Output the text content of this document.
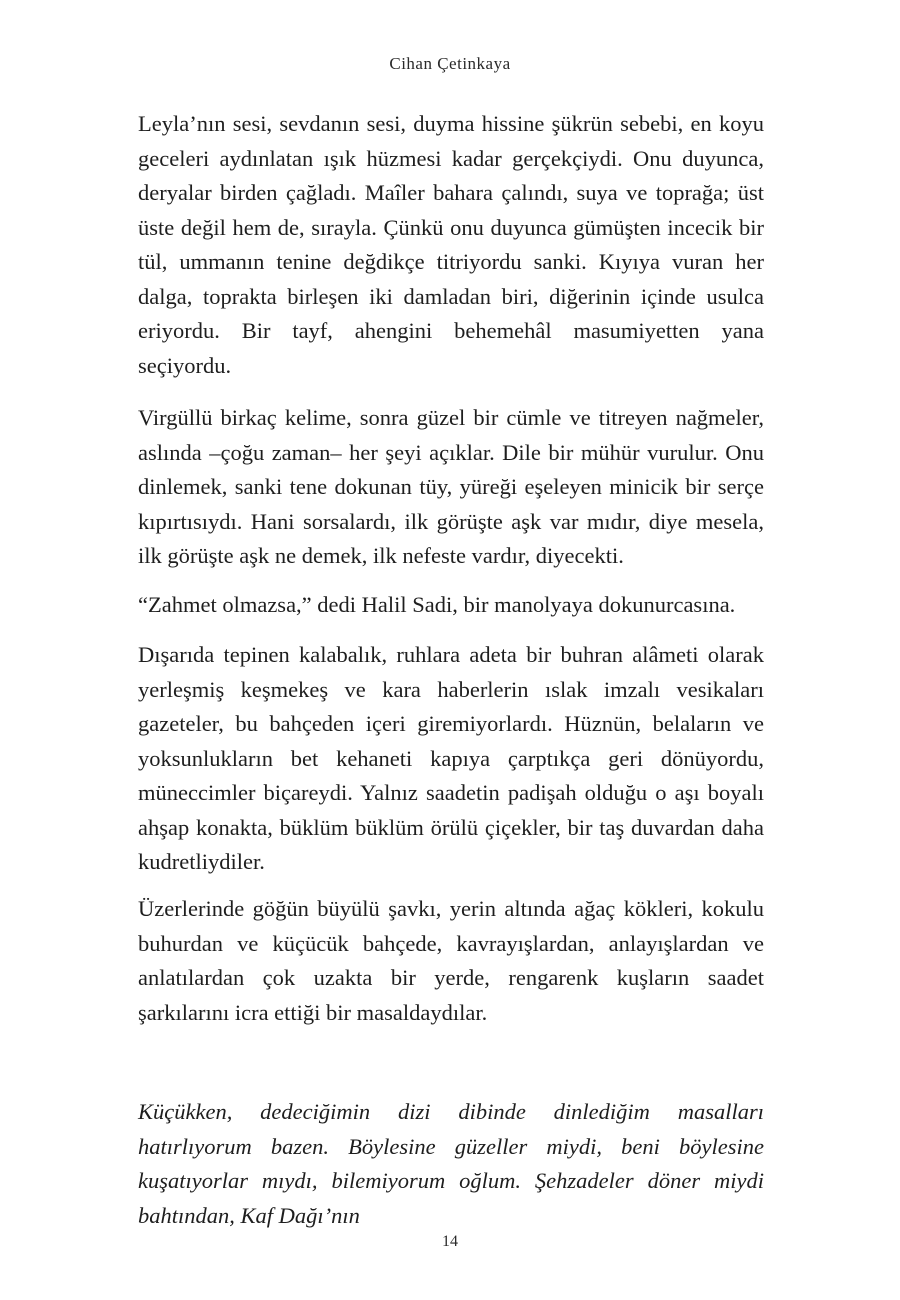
Cihan Çetinkaya

Leyla’nın sesi, sevdanın sesi, duyma hissine şükrün sebebi, en koyu geceleri aydınlatan ışık hüzmesi kadar gerçekçiydi. Onu duyunca, deryalar birden çağladı. Maîler bahara çalındı, suya ve toprağa; üst üste değil hem de, sırayla. Çünkü onu duyunca gümüşten incecik bir tül, ummanın tenine değdikçe titriyordu sanki. Kıyıya vuran her dalga, toprakta birleşen iki damladan biri, diğerinin içinde usulca eriyordu. Bir tayf, ahengini behemehâl masumiyetten yana seçiyordu.

Virgüllü birkaç kelime, sonra güzel bir cümle ve titreyen nağmeler, aslında –çoğu zaman– her şeyi açıklar. Dile bir mühür vurulur. Onu dinlemek, sanki tene dokunan tüy, yüreği eşeleyen minicik bir serçe kıpırtısıydı. Hani sorsalardı, ilk görüşte aşk var mıdır, diye mesela, ilk görüşte aşk ne demek, ilk nefeste vardır, diyecekti.

“Zahmet olmazsa,” dedi Halil Sadi, bir manolyaya dokunurcasına.

Dışarıda tepinen kalabalık, ruhlara adeta bir buhran alâmeti olarak yerleşmiş keşmekeş ve kara haberlerin ıslak imzalı vesikaları gazeteler, bu bahçeden içeri giremiyorlardı. Hüznün, belaların ve yoksunlukların bet kehaneti kapıya çarptıkça geri dönüyordu, müneccimler biçareydi. Yalnız saadetin padişah olduğu o aşı boyalı ahşap konakta, büklüm büklüm örülü çiçekler, bir taş duvardan daha kudretliydiler.

Üzerlerinde göğün büyülü şavkı, yerin altında ağaç kökleri, kokulu buhurdan ve küçücük bahçede, kavrayışlardan, anlayışlardan ve anlatılardan çok uzakta bir yerde, rengarenk kuşların saadet şarkılarını icra ettiği bir masaldaydılar.

Küçükken, dedeciğimin dizi dibinde dinlediğim masalları hatırlıyorum bazen. Böylesine güzeller miydi, beni böylesine kuşatıyorlar mıydı, bilemiyorum oğlum. Şehzadeler döner miydi bahtından, Kaf Dağı’nın

14
